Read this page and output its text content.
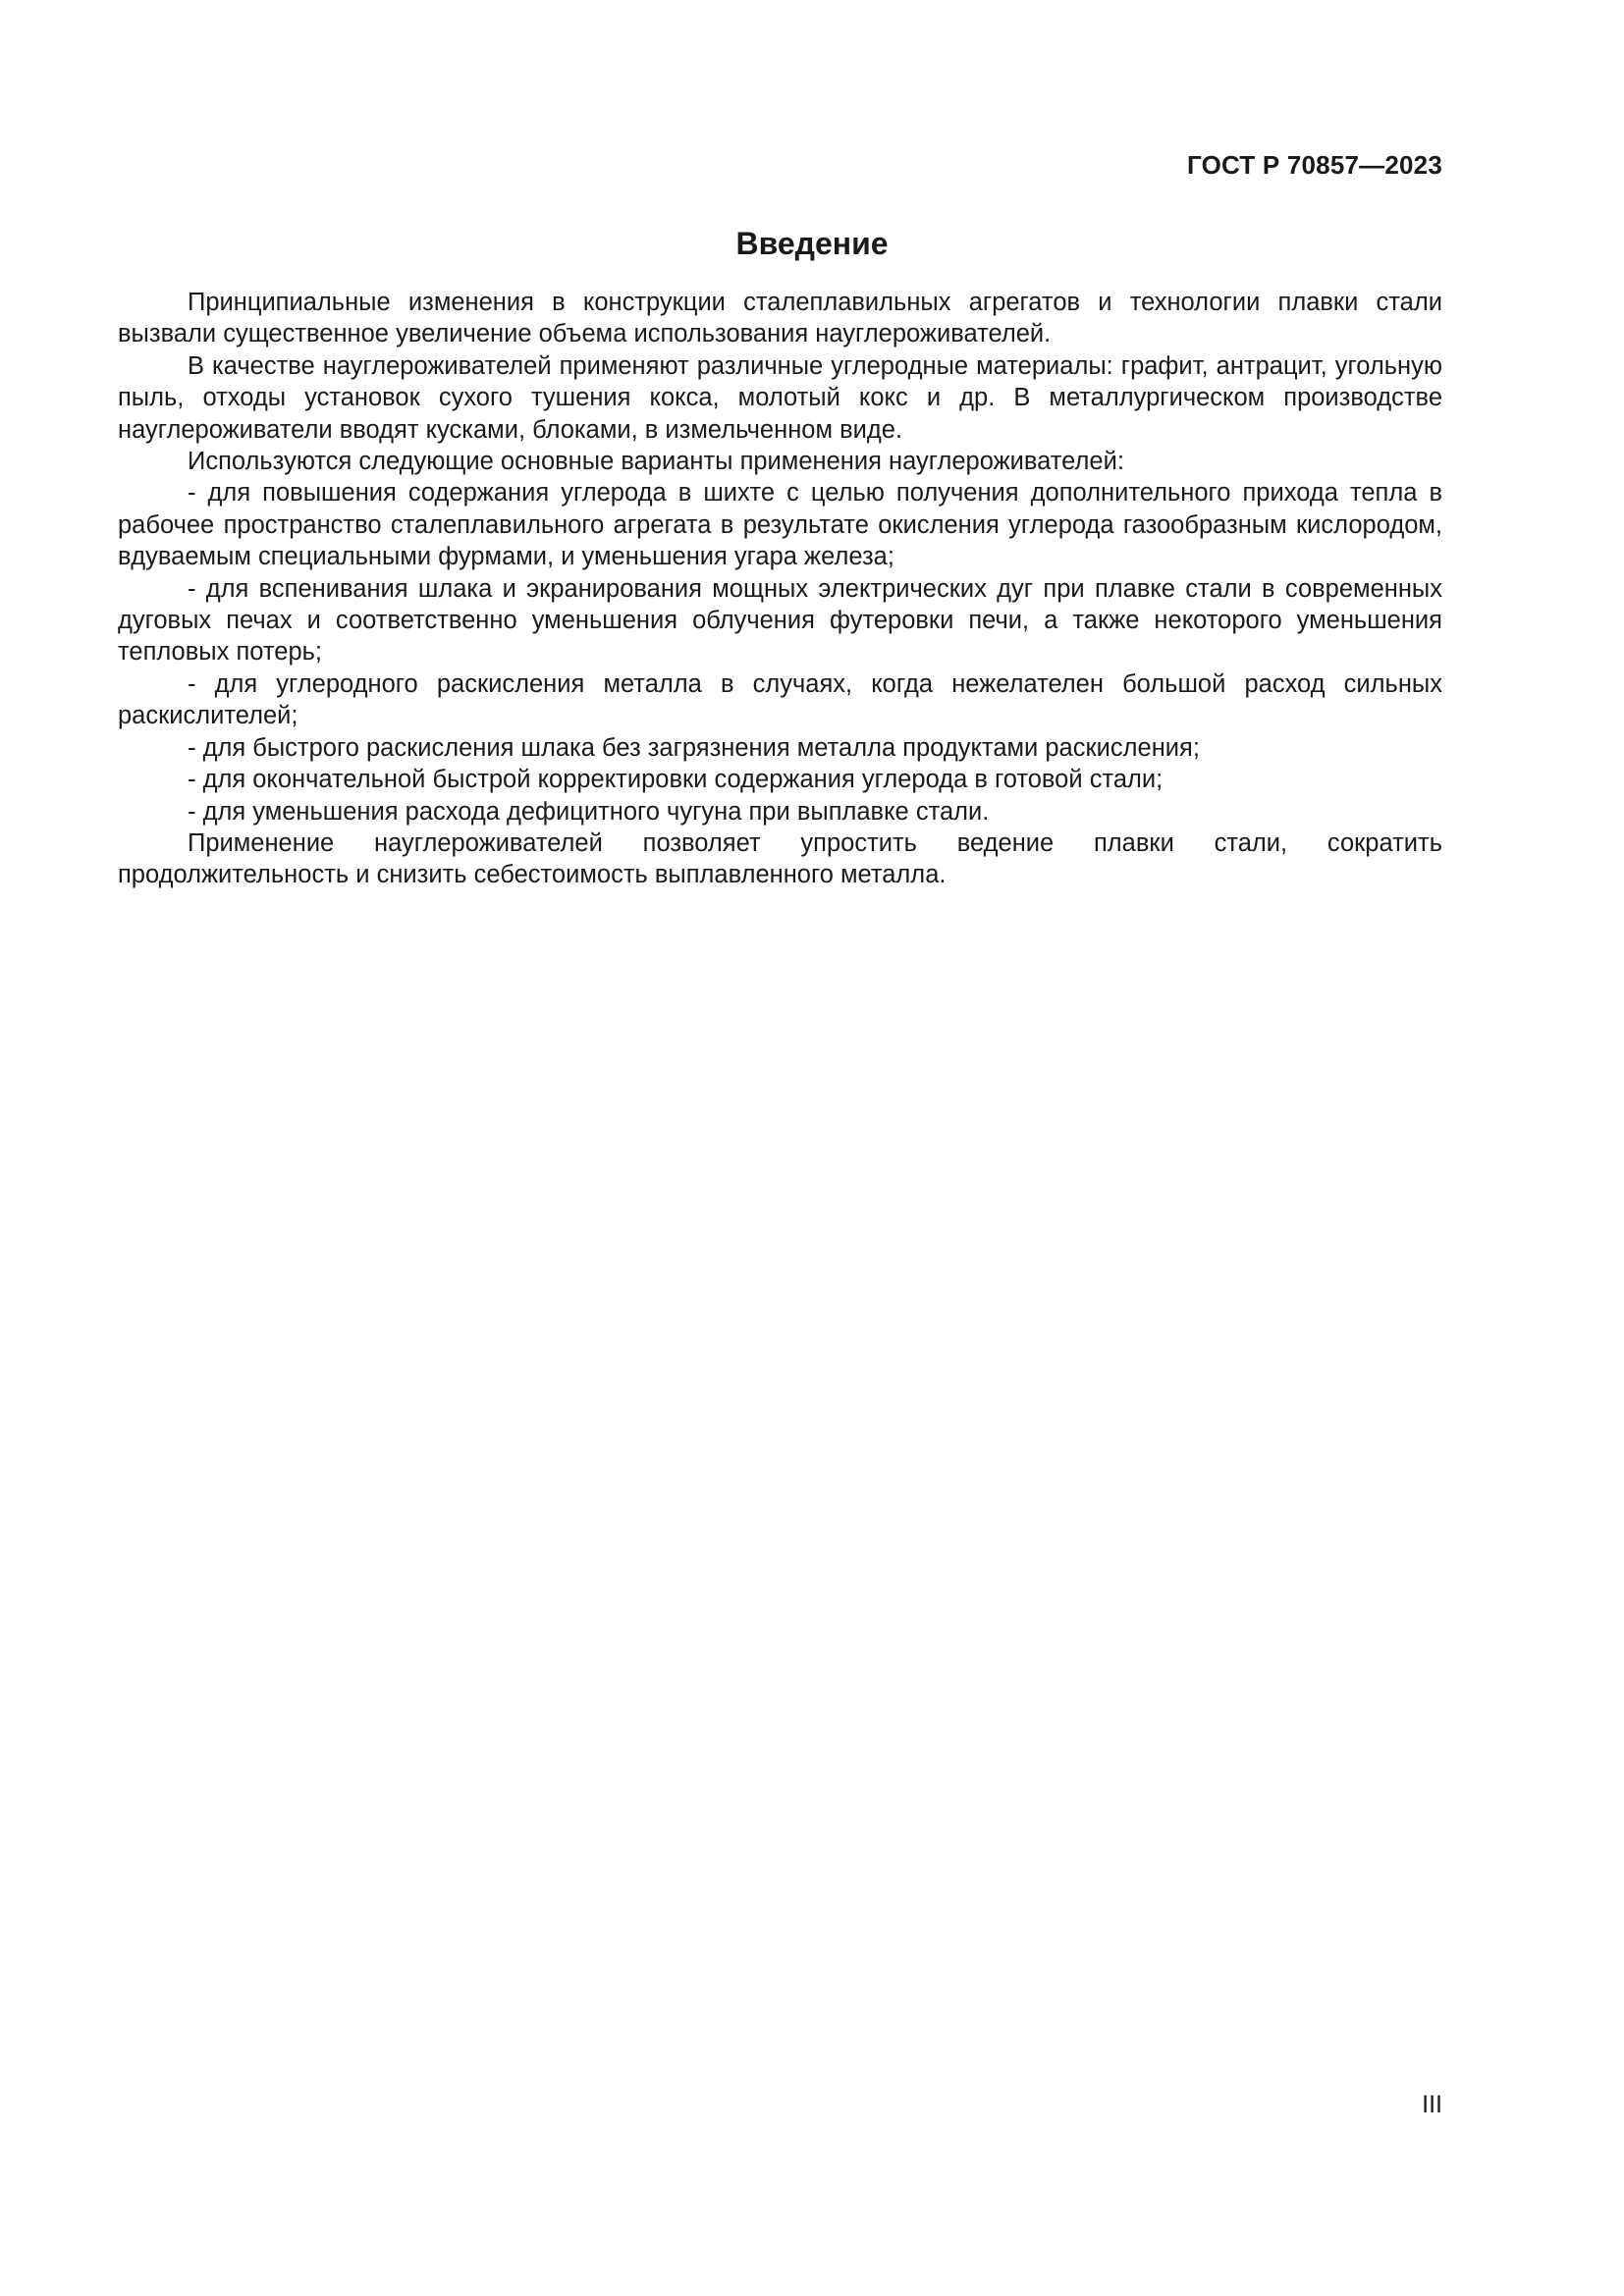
ГОСТ Р 70857—2023

Введение

Принципиальные изменения в конструкции сталеплавильных агрегатов и технологии плавки стали вызвали существенное увеличение объема использования науглероживателей.

В качестве науглероживателей применяют различные углеродные материалы: графит, антрацит, угольную пыль, отходы установок сухого тушения кокса, молотый кокс и др. В металлургическом производстве науглероживатели вводят кусками, блоками, в измельченном виде.

Используются следующие основные варианты применения науглероживателей:

- для повышения содержания углерода в шихте с целью получения дополнительного прихода тепла в рабочее пространство сталеплавильного агрегата в результате окисления углерода газообразным кислородом, вдуваемым специальными фурмами, и уменьшения угара железа;

- для вспенивания шлака и экранирования мощных электрических дуг при плавке стали в современных дуговых печах и соответственно уменьшения облучения футеровки печи, а также некоторого уменьшения тепловых потерь;

- для углеродного раскисления металла в случаях, когда нежелателен большой расход сильных раскислителей;

- для быстрого раскисления шлака без загрязнения металла продуктами раскисления;

- для окончательной быстрой корректировки содержания углерода в готовой стали;

- для уменьшения расхода дефицитного чугуна при выплавке стали.

Применение науглероживателей позволяет упростить ведение плавки стали, сократить продолжительность и снизить себестоимость выплавленного металла.

III
